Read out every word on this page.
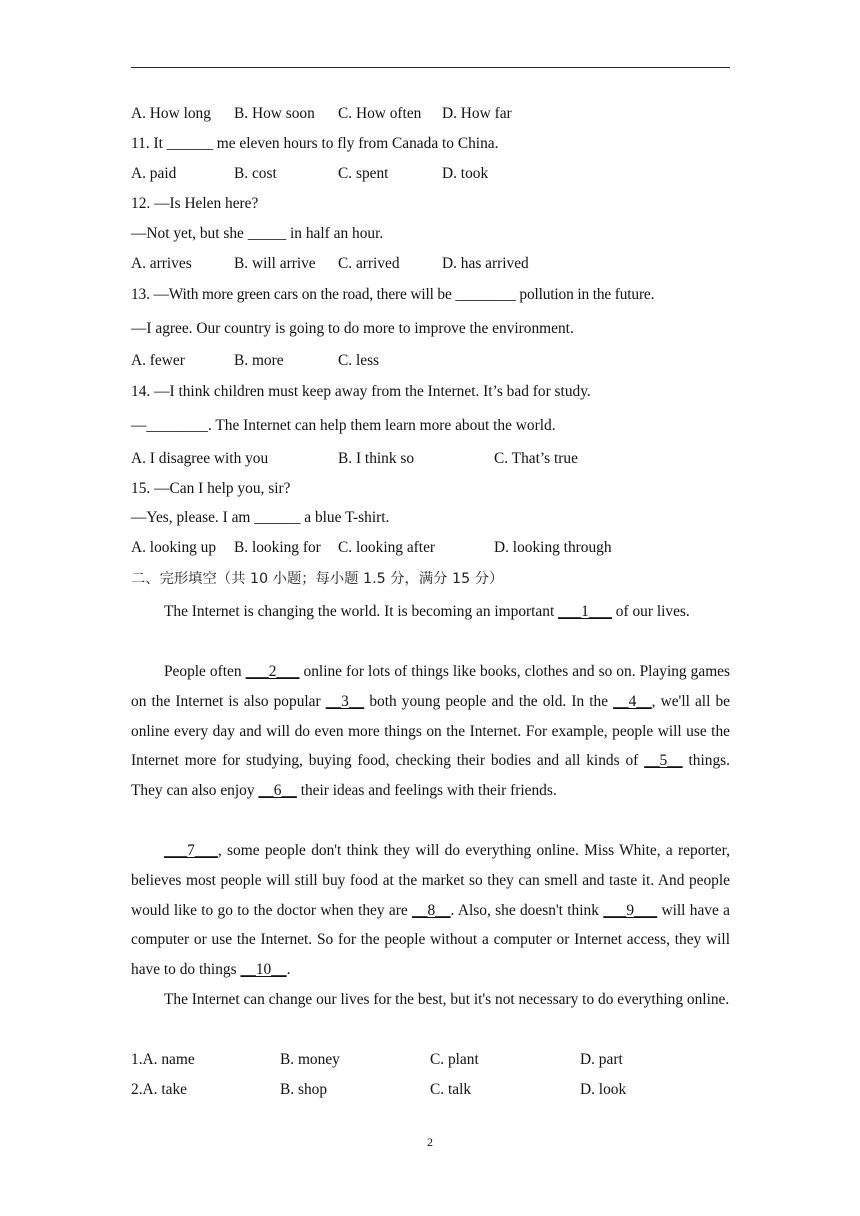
A. How long B. How soon C. How often D. How far
11. It ______ me eleven hours to fly from Canada to China.
A. paid	B. cost	C. spent	D. took
12. —Is Helen here?
—Not yet, but she _____ in half an hour.
A. arrives	B. will arrive C. arrived	D. has arrived
13. —With more green cars on the road, there will be ________ pollution in the future.
—I agree. Our country is going to do more to improve the environment.
A. fewer	B. more	C. less
14. —I think children must keep away from the Internet. It’s bad for study.
—________. The Internet can help them learn more about the world.
A. I disagree with you	B. I think so	C. That’s true
15. —Can I help you, sir?
—Yes, please. I am ______ a blue T-shirt.
A. looking up B. looking for C. looking after	D. looking through
二、完形填空（共 10 小题；每小题 1.5 分，满分 15 分）
The Internet is changing the world. It is becoming an important ___1___ of our lives.
People often ___2___ online for lots of things like books, clothes and so on. Playing games on the Internet is also popular __3__ both young people and the old. In the __4__, we'll all be online every day and will do even more things on the Internet. For example, people will use the Internet more for studying, buying food, checking their bodies and all kinds of __5__ things. They can also enjoy __6__ their ideas and feelings with their friends.
___7___, some people don't think they will do everything online. Miss White, a reporter, believes most people will still buy food at the market so they can smell and taste it. And people would like to go to the doctor when they are __8__. Also, she doesn't think ___9___ will have a computer or use the Internet. So for the people without a computer or Internet access, they will have to do things __10__.
The Internet can change our lives for the best, but it's not necessary to do everything online.
1.A. name	B. money	C. plant	D. part
2.A. take	B. shop	C. talk	D. look
2
